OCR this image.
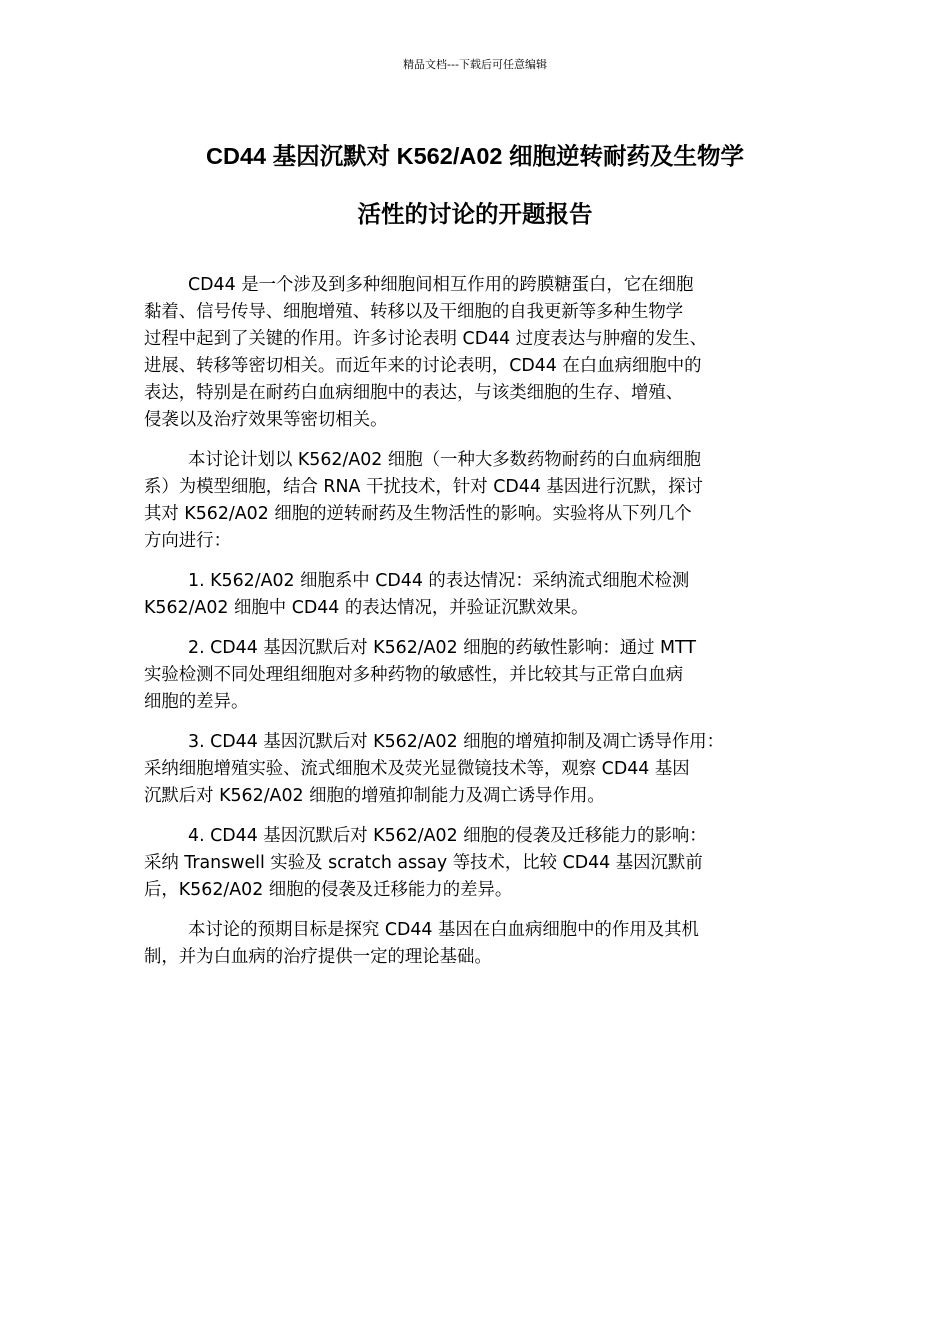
精品文档---下载后可任意编辑
CD44 基因沉默对 K562/A02 细胞逆转耐药及生物学
活性的讨论的开题报告

CD44 是一个涉及到多种细胞间相互作用的跨膜糖蛋白，它在细胞
黏着、信号传导、细胞增殖、转移以及干细胞的自我更新等多种生物学
过程中起到了关键的作用。许多讨论表明 CD44 过度表达与肿瘤的发生、
进展、转移等密切相关。而近年来的讨论表明，CD44 在白血病细胞中的
表达，特别是在耐药白血病细胞中的表达，与该类细胞的生存、增殖、
侵袭以及治疗效果等密切相关。

本讨论计划以 K562/A02 细胞（一种大多数药物耐药的白血病细胞
系）为模型细胞，结合 RNA 干扰技术，针对 CD44 基因进行沉默，探讨
其对 K562/A02 细胞的逆转耐药及生物活性的影响。实验将从下列几个
方向进行：

1. K562/A02 细胞系中 CD44 的表达情况：采纳流式细胞术检测
K562/A02 细胞中 CD44 的表达情况，并验证沉默效果。

2. CD44 基因沉默后对 K562/A02 细胞的药敏性影响：通过 MTT
实验检测不同处理组细胞对多种药物的敏感性，并比较其与正常白血病
细胞的差异。

3. CD44 基因沉默后对 K562/A02 细胞的增殖抑制及凋亡诱导作用：
采纳细胞增殖实验、流式细胞术及荧光显微镜技术等，观察 CD44 基因
沉默后对 K562/A02 细胞的增殖抑制能力及凋亡诱导作用。

4. CD44 基因沉默后对 K562/A02 细胞的侵袭及迁移能力的影响：
采纳 Transwell 实验及 scratch assay 等技术，比较 CD44 基因沉默前
后，K562/A02 细胞的侵袭及迁移能力的差异。

本讨论的预期目标是探究 CD44 基因在白血病细胞中的作用及其机
制，并为白血病的治疗提供一定的理论基础。
